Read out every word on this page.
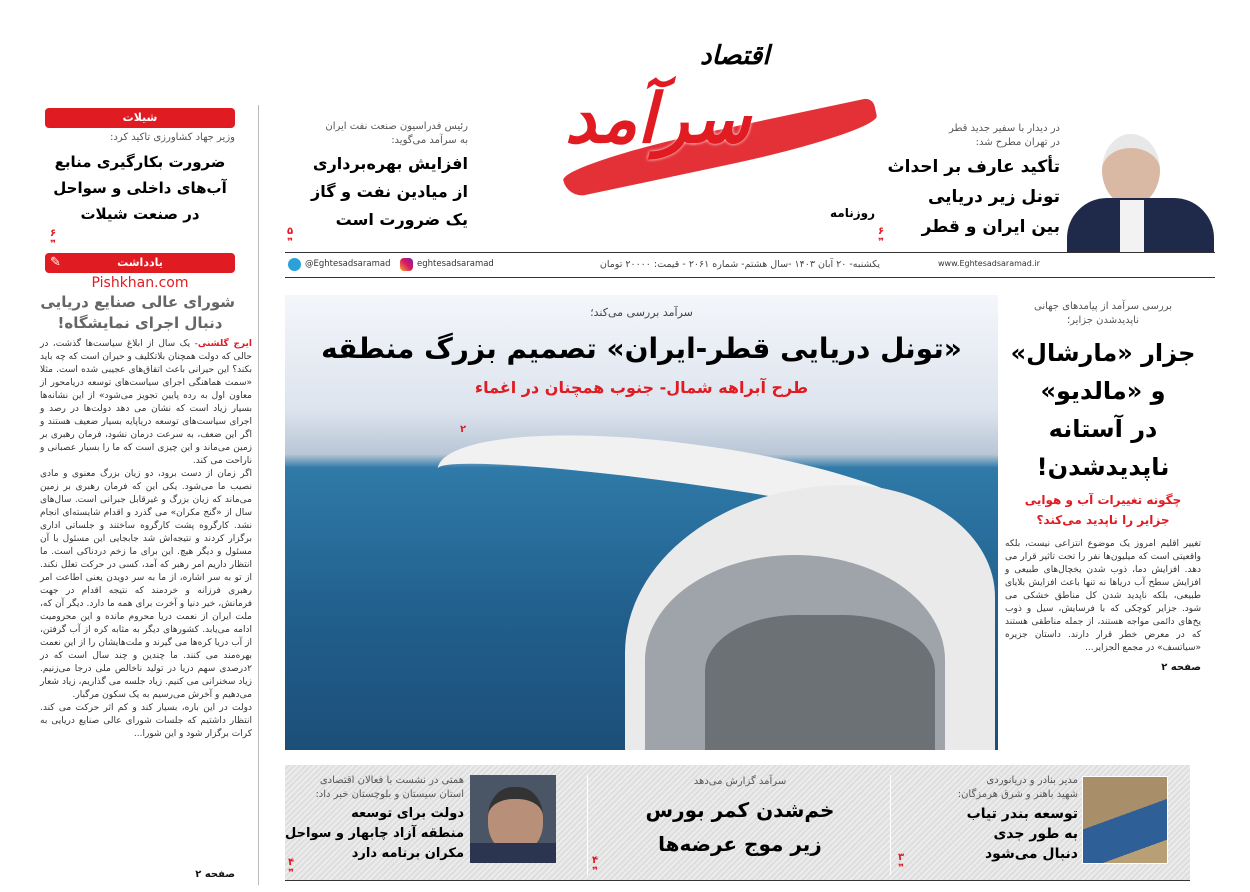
سرآمد
اقتصاد
روزنامه
در دیدار با سفیر جدید قطر
در تهران مطرح شد:
تأکید عارف بر احداث
تونل زیر دریایی
بین ایران و قطر
۶
❞
رئیس فدراسیون صنعت نفت ایران
به سرآمد می‌گوید:
افزایش بهره‌برداری
از میادین نفت و گاز
یک ضرورت است
۵
❞
@Eghtesadsaramad	eghtesadsaramad	یکشنبه- ۲۰ آبان ۱۴۰۳ -سال هشتم- شماره ۲۰۶۱ - قیمت: ۲۰۰۰۰ تومان	www.Eghtesadsaramad.ir
شیلات
وزیر جهاد کشاورزی تاکید کرد:
ضرورت بکارگیری منابع
آب‌های داخلی و سواحل
در صنعت شیلات
۶
❞
یادداشت
✎
Pishkhan.com
شورای عالی صنایع دریایی
دنبال اجرای نمایشگاه!

ایرج گلشنی- یک سال از ابلاغ سیاست‌ها گذشت، در حالی که دولت همچنان بلاتکلیف و حیران است که چه باید بکند؟ این حیرانی باعث اتفاق‌های عجیبی شده است. مثلا «سمت هماهنگی اجرای سیاست‌های توسعه دریامحور از معاون اول به رده پایین تجویز می‌شود» از این نشانه‌ها بسیار زیاد است که نشان می دهد دولت‌ها در رصد و اجرای سیاست‌های توسعه دریاپایه بسیار ضعیف هستند و اگر این ضعف، به سرعت درمان نشود، فرمان رهبری بر زمین می‌ماند و این چیزی است که ما را بسیار عصبانی و ناراحت می کند.

اگر زمان از دست برود، دو زیان بزرگ معنوی و مادی نصیب ما می‌شود. یکی این که فرمان رهبری بر زمین می‌ماند که زیان بزرگ و غیرقابل جبرانی است. سال‌های سال از «گنج مکران» می گذرد و اقدام شایسته‌ای انجام نشد. کارگروه پشت کارگروه ساختند و جلساتی اداری برگزار کردند و نتیجه‌اش شد جابجایی این مسئول با آن مسئول و دیگر هیچ. این برای ما زخم دردناکی است. ما انتظار داریم امر رهبر که آمد، کسی در حرکت تعلل نکند. از تو به سر اشاره، از ما به سر دویدن یعنی اطاعت امر رهبری فرزانه و خردمند که نتیجه اقدام در جهت فرمانش، خیر دنیا و آخرت برای همه ما دارد. دیگر آن که، ملت ایران از نعمت دریا محروم مانده و این محرومیت ادامه می‌یابد. کشورهای دیگر به مثابه کره از آب گرفتن، از آب دریا کره‌ها می گیرند و ملت‌هایشان را از این نعمت بهره‌مند می کنند. ما چندین و چند سال است که در ۲درصدی سهم دریا در تولید ناخالص ملی درجا می‌زنیم. زیاد سخنرانی می کنیم. زیاد جلسه می گذاریم، زیاد شعار می‌دهیم و آخرش می‌رسیم به یک سکون مرگبار.

دولت در این باره، بسیار کند و کم اثر حرکت می کند. انتظار داشتیم که جلسات شورای عالی صنایع دریایی به کرات برگزار شود و این شورا...

صفحه ۲
سرآمد بررسی می‌کند؛
«تونل دریایی قطر-ایران» تصمیم بزرگ منطقه
طرح آبراهه شمال- جنوب همچنان در اغماء
۲
بررسی سرآمد از پیامدهای جهانی
ناپدیدشدن جزایر؛
جزار «مارشال»
و «مالدیو»
در آستانه
ناپدیدشدن!
چگونه تغییرات آب و هوایی
جزایر را ناپدید می‌کند؟
تغییر اقلیم امروز یک موضوع انتزاعی نیست، بلکه واقعیتی است که میلیون‌ها نفر را تحت تاثیر قرار می دهد. افزایش دما، ذوب شدن یخچال‌های طبیعی و افزایش سطح آب دریاها نه تنها باعث افزایش بلایای طبیعی، بلکه ناپدید شدن کل مناطق خشکی می شود. جزایر کوچکی که با فرسایش، سیل و ذوب یخ‌های دائمی مواجه هستند، از جمله مناطقی هستند که در معرض خطر قرار دارند. داستان جزیره «سیاتسف» در مجمع الجزایر...
صفحه ۲
مدیر بنادر و دریانوردی
شهید باهنر و شرق هرمزگان:
توسعه بندر تیاب
به طور جدی
دنبال می‌شود
۳
❞
سرآمد گزارش می‌دهد
خم‌شدن کمر بورس
زیر موج عرضه‌ها
۴
❞
همتی در نشست با فعالان اقتصادی
استان سیستان و بلوچستان خبر داد:
دولت برای توسعه
منطقه آزاد چابهار و سواحل
مکران برنامه دارد
۴
❞
